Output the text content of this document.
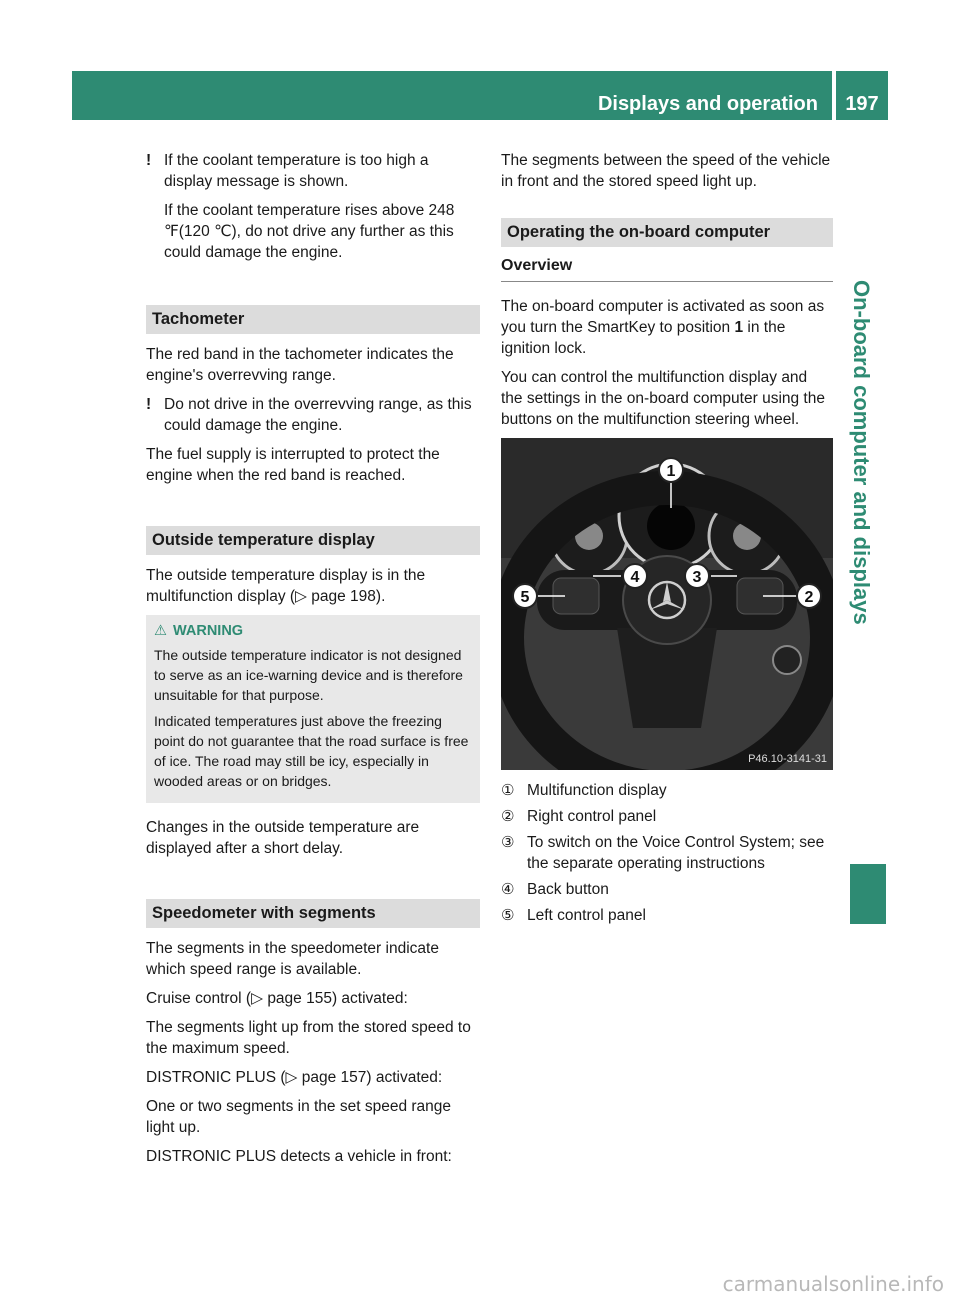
Displays and operation	197
On-board computer and displays

! If the coolant temperature is too high a display message is shown.

If the coolant temperature rises above 248 ℉(120 ℃), do not drive any further as this could damage the engine.

Tachometer

The red band in the tachometer indicates the engine's overrevving range.

! Do not drive in the overrevving range, as this could damage the engine.

The fuel supply is interrupted to protect the engine when the red band is reached.

Outside temperature display

The outside temperature display is in the multifunction display (▷ page 198).

⚠ WARNING

The outside temperature indicator is not designed to serve as an ice-warning device and is therefore unsuitable for that purpose.

Indicated temperatures just above the freezing point do not guarantee that the road surface is free of ice. The road may still be icy, especially in wooded areas or on bridges.

Changes in the outside temperature are displayed after a short delay.

Speedometer with segments

The segments in the speedometer indicate which speed range is available.

Cruise control (▷ page 155) activated:

The segments light up from the stored speed to the maximum speed.

DISTRONIC PLUS (▷ page 157) activated:

One or two segments in the set speed range light up.

DISTRONIC PLUS detects a vehicle in front:

The segments between the speed of the vehicle in front and the stored speed light up.

Operating the on-board computer
Overview

The on-board computer is activated as soon as you turn the SmartKey to position 1 in the ignition lock.

You can control the multifunction display and the settings in the on-board computer using the buttons on the multifunction steering wheel.

1
2
3
4
5
P46.10-3141-31
① Multifunction display
② Right control panel
③ To switch on the Voice Control System; see the separate operating instructions
④ Back button
⑤ Left control panel
carmanualsonline.info
